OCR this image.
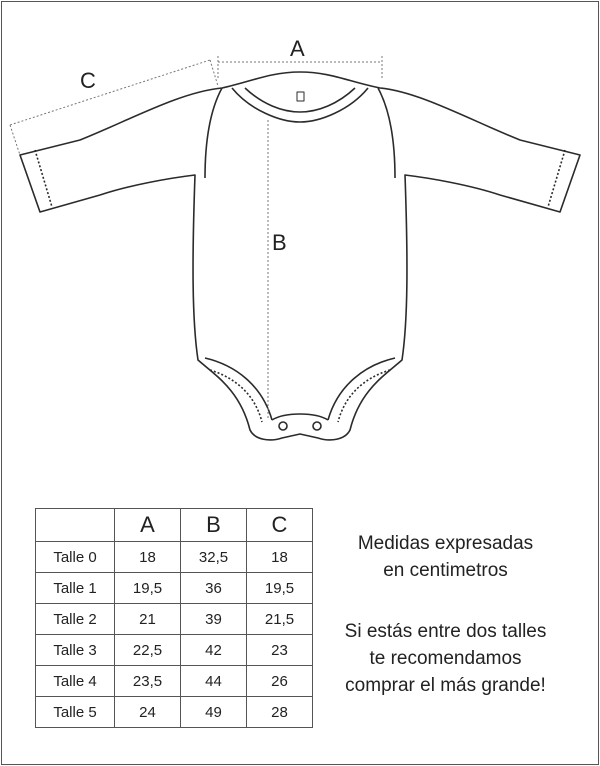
A
B
C
	A	B	C
Talle 0	18	32,5	18
Talle 1	19,5	36	19,5
Talle 2	21	39	21,5
Talle 3	22,5	42	23
Talle 4	23,5	44	26
Talle 5	24	49	28
Medidas expresadas
en centimetros
Si estás entre dos talles
te recomendamos
comprar el más grande!
